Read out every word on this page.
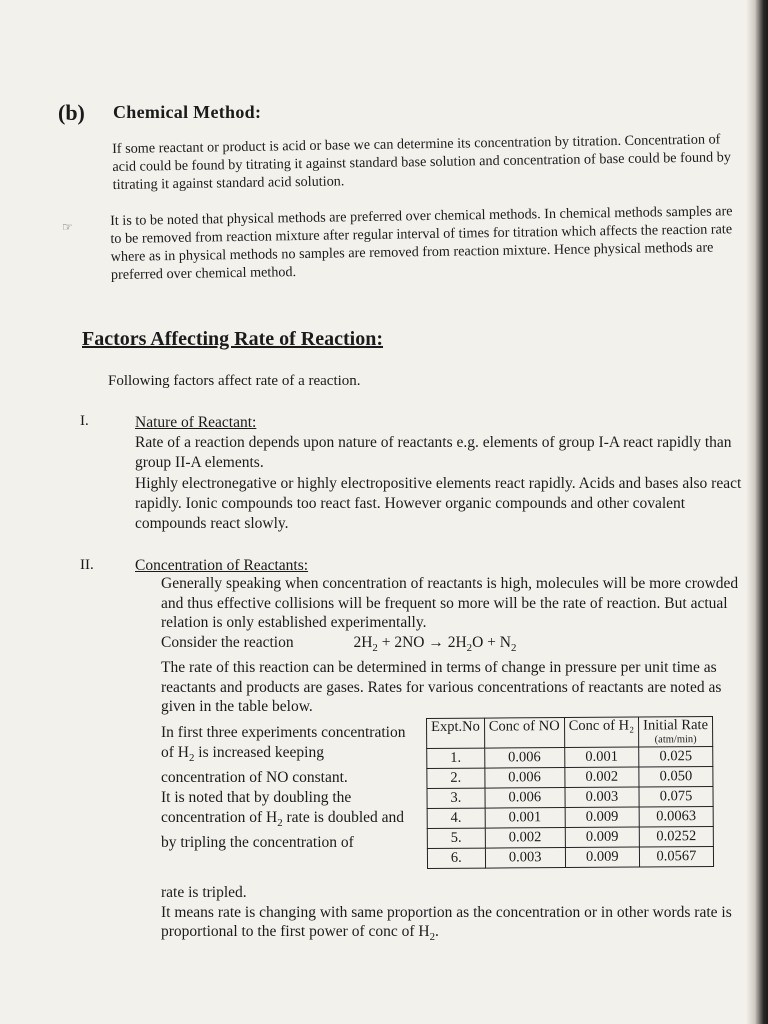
(b) Chemical Method:
If some reactant or product is acid or base we can determine its concentration by titration. Concentration of acid could be found by titrating it against standard base solution and concentration of base could be found by titrating it against standard acid solution.
☞	It is to be noted that physical methods are preferred over chemical methods. In chemical methods samples are to be removed from reaction mixture after regular interval of times for titration which affects the reaction rate where as in physical methods no samples are removed from reaction mixture. Hence physical methods are preferred over chemical method.
Factors Affecting Rate of Reaction:
Following factors affect rate of a reaction.
I.	Nature of Reactant:
Rate of a reaction depends upon nature of reactants e.g. elements of group I-A react rapidly than group II-A elements.
Highly electronegative or highly electropositive elements react rapidly. Acids and bases also react rapidly. Ionic compounds too react fast. However organic compounds and other covalent compounds react slowly.
II.	Concentration of Reactants:
Generally speaking when concentration of reactants is high, molecules will be more crowded and thus effective collisions will be frequent so more will be the rate of reaction. But actual relation is only established experimentally.
Consider the reaction	$2H_2 + 2NO \to 2H_2O + N_2$
The rate of this reaction can be determined in terms of change in pressure per unit time as reactants and products are gases. Rates for various concentrations of reactants are noted as given in the table below.
In first three experiments concentration of $H_2$ is increased keeping concentration of NO constant.
It is noted that by doubling the concentration of $H_2$ rate is doubled and by tripling the concentration of
Expt.No	Conc of NO	Conc of H₂	Initial Rate
(atm/min)

1.	0.006	0.001	0.025
2.	0.006	0.002	0.050
3.	0.006	0.003	0.075
4.	0.001	0.009	0.0063
5.	0.002	0.009	0.0252
6.	0.003	0.009	0.0567
rate is tripled.
It means rate is changing with same proportion as the concentration or in other words rate is proportional to the first power of conc of $H_2$.
